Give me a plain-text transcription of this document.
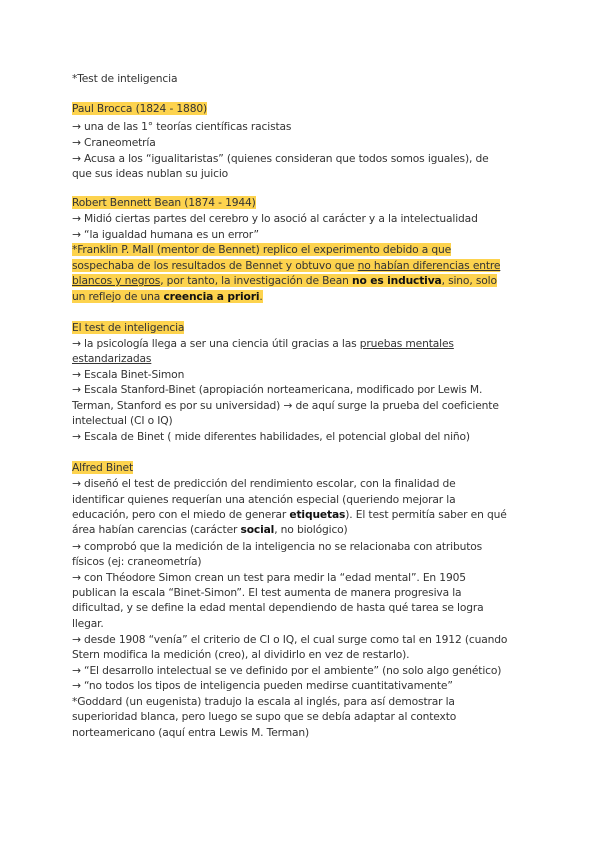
*Test de inteligencia
Paul Brocca (1824 - 1880)
→ una de las 1° teorías científicas racistas
→ Craneometría
→ Acusa a los “igualitaristas” (quienes consideran que todos somos iguales), de
que sus ideas nublan su juicio
Robert Bennett Bean (1874 - 1944)
→ Midió ciertas partes del cerebro y lo asoció al carácter y a la intelectualidad
→ “la igualdad humana es un error”
*Franklin P. Mall (mentor de Bennet) replico el experimento debido a que
sospechaba de los resultados de Bennet y obtuvo que no habían diferencias entre
blancos y negros, por tanto, la investigación de Bean no es inductiva, sino, solo
un reflejo de una creencia a priori.
El test de inteligencia
→ la psicología llega a ser una ciencia útil gracias a las pruebas mentales
estandarizadas
→ Escala Binet-Simon
→ Escala Stanford-Binet (apropiación norteamericana, modificado por Lewis M.
Terman, Stanford es por su universidad) → de aquí surge la prueba del coeficiente
intelectual (CI o IQ)
→ Escala de Binet ( mide diferentes habilidades, el potencial global del niño)
Alfred Binet
→ diseñó el test de predicción del rendimiento escolar, con la finalidad de
identificar quienes requerían una atención especial (queriendo mejorar la
educación, pero con el miedo de generar etiquetas). El test permitía saber en qué
área habían carencias (carácter social, no biológico)
→ comprobó que la medición de la inteligencia no se relacionaba con atributos
físicos (ej: craneometría)
→ con Théodore Simon crean un test para medir la “edad mental”. En 1905
publican la escala “Binet-Simon”. El test aumenta de manera progresiva la
dificultad, y se define la edad mental dependiendo de hasta qué tarea se logra
llegar.
→ desde 1908 “venía” el criterio de CI o IQ, el cual surge como tal en 1912 (cuando
Stern modifica la medición (creo), al dividirlo en vez de restarlo).
→ “El desarrollo intelectual se ve definido por el ambiente” (no solo algo genético)
→ “no todos los tipos de inteligencia pueden medirse cuantitativamente”
*Goddard (un eugenista) tradujo la escala al inglés, para así demostrar la
superioridad blanca, pero luego se supo que se debía adaptar al contexto
norteamericano (aquí entra Lewis M. Terman)
